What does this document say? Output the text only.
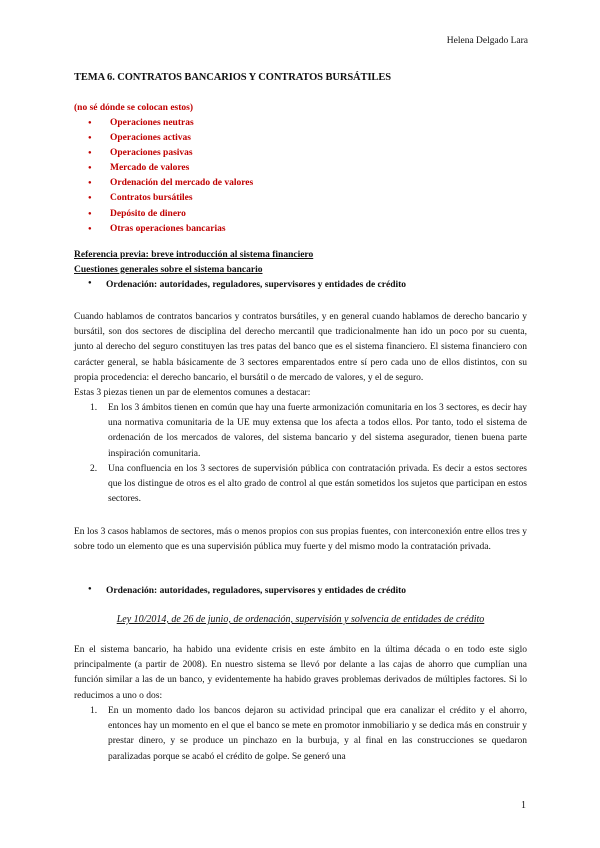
Helena Delgado Lara
TEMA 6. CONTRATOS BANCARIOS Y CONTRATOS BURSÁTILES
(no sé dónde se colocan estos)
● Operaciones neutras
● Operaciones activas
● Operaciones pasivas
● Mercado de valores
● Ordenación del mercado de valores
● Contratos bursátiles
● Depósito de dinero
● Otras operaciones bancarias
Referencia previa: breve introducción al sistema financiero
Cuestiones generales sobre el sistema bancario
● Ordenación: autoridades, reguladores, supervisores y entidades de crédito
Cuando hablamos de contratos bancarios y contratos bursátiles, y en general cuando hablamos de derecho bancario y bursátil, son dos sectores de disciplina del derecho mercantil que tradicionalmente han ido un poco por su cuenta, junto al derecho del seguro constituyen las tres patas del banco que es el sistema financiero. El sistema financiero con carácter general, se habla básicamente de 3 sectores emparentados entre sí pero cada uno de ellos distintos, con su propia procedencia: el derecho bancario, el bursátil o de mercado de valores, y el de seguro.
Estas 3 piezas tienen un par de elementos comunes a destacar:
1. En los 3 ámbitos tienen en común que hay una fuerte armonización comunitaria en los 3 sectores, es decir hay una normativa comunitaria de la UE muy extensa que los afecta a todos ellos. Por tanto, todo el sistema de ordenación de los mercados de valores, del sistema bancario y del sistema asegurador, tienen buena parte inspiración comunitaria.
2. Una confluencia en los 3 sectores de supervisión pública con contratación privada. Es decir a estos sectores que los distingue de otros es el alto grado de control al que están sometidos los sujetos que participan en estos sectores.
En los 3 casos hablamos de sectores, más o menos propios con sus propias fuentes, con interconexión entre ellos tres y sobre todo un elemento que es una supervisión pública muy fuerte y del mismo modo la contratación privada.
● Ordenación: autoridades, reguladores, supervisores y entidades de crédito
Ley 10/2014, de 26 de junio, de ordenación, supervisión y solvencia de entidades de crédito
En el sistema bancario, ha habido una evidente crisis en este ámbito en la última década o en todo este siglo principalmente (a partir de 2008). En nuestro sistema se llevó por delante a las cajas de ahorro que cumplían una función similar a las de un banco, y evidentemente ha habido graves problemas derivados de múltiples factores. Si lo reducimos a uno o dos:
1. En un momento dado los bancos dejaron su actividad principal que era canalizar el crédito y el ahorro, entonces hay un momento en el que el banco se mete en promotor inmobiliario y se dedica más en construir y prestar dinero, y se produce un pinchazo en la burbuja, y al final en las construcciones se quedaron paralizadas porque se acabó el crédito de golpe. Se generó una
1
